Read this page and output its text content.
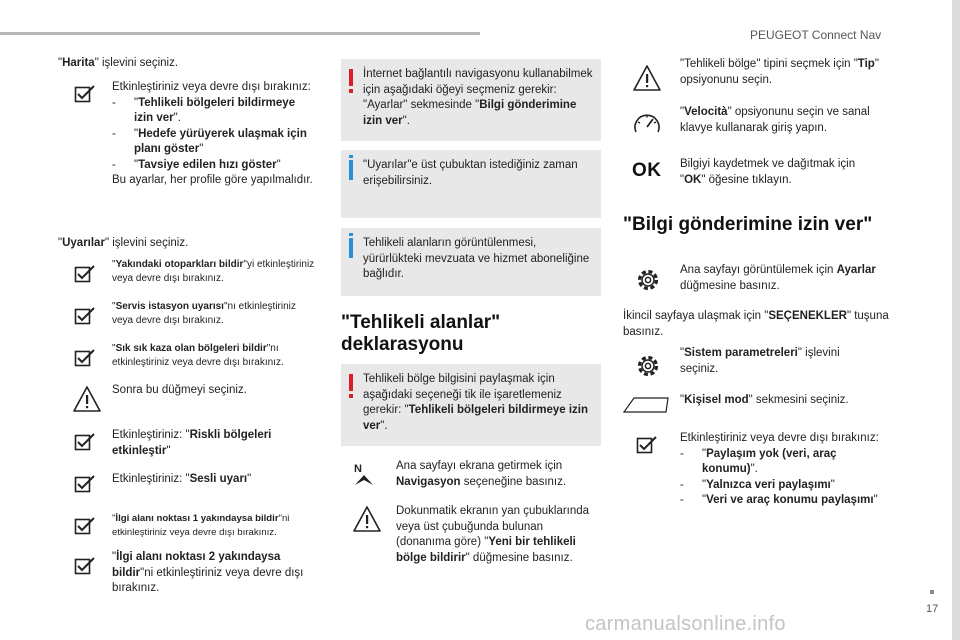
PEUGEOT Connect Nav
"Harita" işlevini seçiniz.
Etkinleştiriniz veya devre dışı bırakınız:
- "Tehlikeli bölgeleri bildirmeye izin ver".
- "Hedefe yürüyerek ulaşmak için planı göster"
- "Tavsiye edilen hızı göster"
Bu ayarlar, her profile göre yapılmalıdır.
"Uyarılar" işlevini seçiniz.
"Yakındaki otoparkları bildir"yi etkinleştiriniz veya devre dışı bırakınız.
"Servis istasyon uyarısı"nı etkinleştiriniz veya devre dışı bırakınız.
"Sık sık kaza olan bölgeleri bildir"nı etkinleştiriniz veya devre dışı bırakınız.
Sonra bu düğmeyi seçiniz.
Etkinleştiriniz: "Riskli bölgeleri etkinleştir"
Etkinleştiriniz: "Sesli uyarı"
"İlgi alanı noktası 1 yakındaysa bildir"ni etkinleştiriniz veya devre dışı bırakınız.
"İlgi alanı noktası 2 yakındaysa bildir"ni etkinleştiriniz veya devre dışı bırakınız.
İnternet bağlantılı navigasyonu kullanabilmek için aşağıdaki öğeyi seçmeniz gerekir: "Ayarlar" sekmesinde "Bilgi gönderimine izin ver".
"Uyarılar"e üst çubuktan istediğiniz zaman erişebilirsiniz.
Tehlikeli alanların görüntülenmesi, yürürlükteki mevzuata ve hizmet aboneliğine bağlıdır.
"Tehlikeli alanlar" deklarasyonu
Tehlikeli bölge bilgisini paylaşmak için aşağıdaki seçeneği tik ile işaretlemeniz gerekir: "Tehlikeli bölgeleri bildirmeye izin ver".
N	Ana sayfayı ekrana getirmek için Navigasyon seçeneğine basınız.
Dokunmatik ekranın yan çubuklarında veya üst çubuğunda bulunan (donanıma göre) "Yeni bir tehlikeli bölge bildirir" düğmesine basınız.
"Tehlikeli bölge" tipini seçmek için "Tip" opsiyonunu seçin.
"Velocità" opsiyonunu seçin ve sanal klavye kullanarak giriş yapın.
OK Bilgiyi kaydetmek ve dağıtmak için "OK" öğesine tıklayın.
"Bilgi gönderimine izin ver"
Ana sayfayı görüntülemek için Ayarlar düğmesine basınız.
İkincil sayfaya ulaşmak için "SEÇENEKLER" tuşuna basınız.
"Sistem parametreleri" işlevini seçiniz.
"Kişisel mod" sekmesini seçiniz.
Etkinleştiriniz veya devre dışı bırakınız:
- "Paylaşım yok (veri, araç konumu)".
- "Yalnızca veri paylaşımı"
- "Veri ve araç konumu paylaşımı"
17
carmanualsonline.info
